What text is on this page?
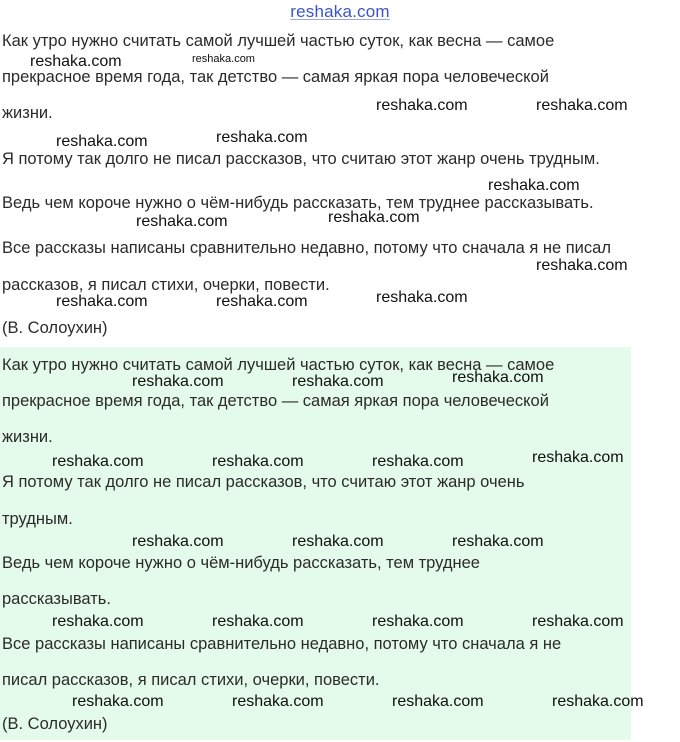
reshaka.com
Как утро нужно считать самой лучшей частью суток, как весна — самое
прекрасное время года, так детство — самая яркая пора человеческой
жизни.
Я потому так долго не писал рассказов, что считаю этот жанр очень трудным.
Ведь чем короче нужно о чём-нибудь рассказать, тем труднее рассказывать.
Все рассказы написаны сравнительно недавно, потому что сначала я не писал
рассказов, я писал стихи, очерки, повести.
(В. Солоухин)
Как утро нужно считать самой лучшей частью суток, как весна — самое
прекрасное время года, так детство — самая яркая пора человеческой
жизни.
Я потому так долго не писал рассказов, что считаю этот жанр очень
трудным.
Ведь чем короче нужно о чём-нибудь рассказать, тем труднее
рассказывать.
Все рассказы написаны сравнительно недавно, потому что сначала я не
писал рассказов, я писал стихи, очерки, повести.
(В. Солоухин)
reshaka.com	reshaka.com
reshaka.com	reshaka.com
reshaka.com	reshaka.com
reshaka.com
reshaka.com	reshaka.com
reshaka.com
reshaka.com	reshaka.com	reshaka.com
reshaka.com	reshaka.com	reshaka.com
reshaka.com	reshaka.com	reshaka.com	reshaka.com
reshaka.com	reshaka.com	reshaka.com
reshaka.com	reshaka.com	reshaka.com	reshaka.com
reshaka.com	reshaka.com	reshaka.com	reshaka.com
